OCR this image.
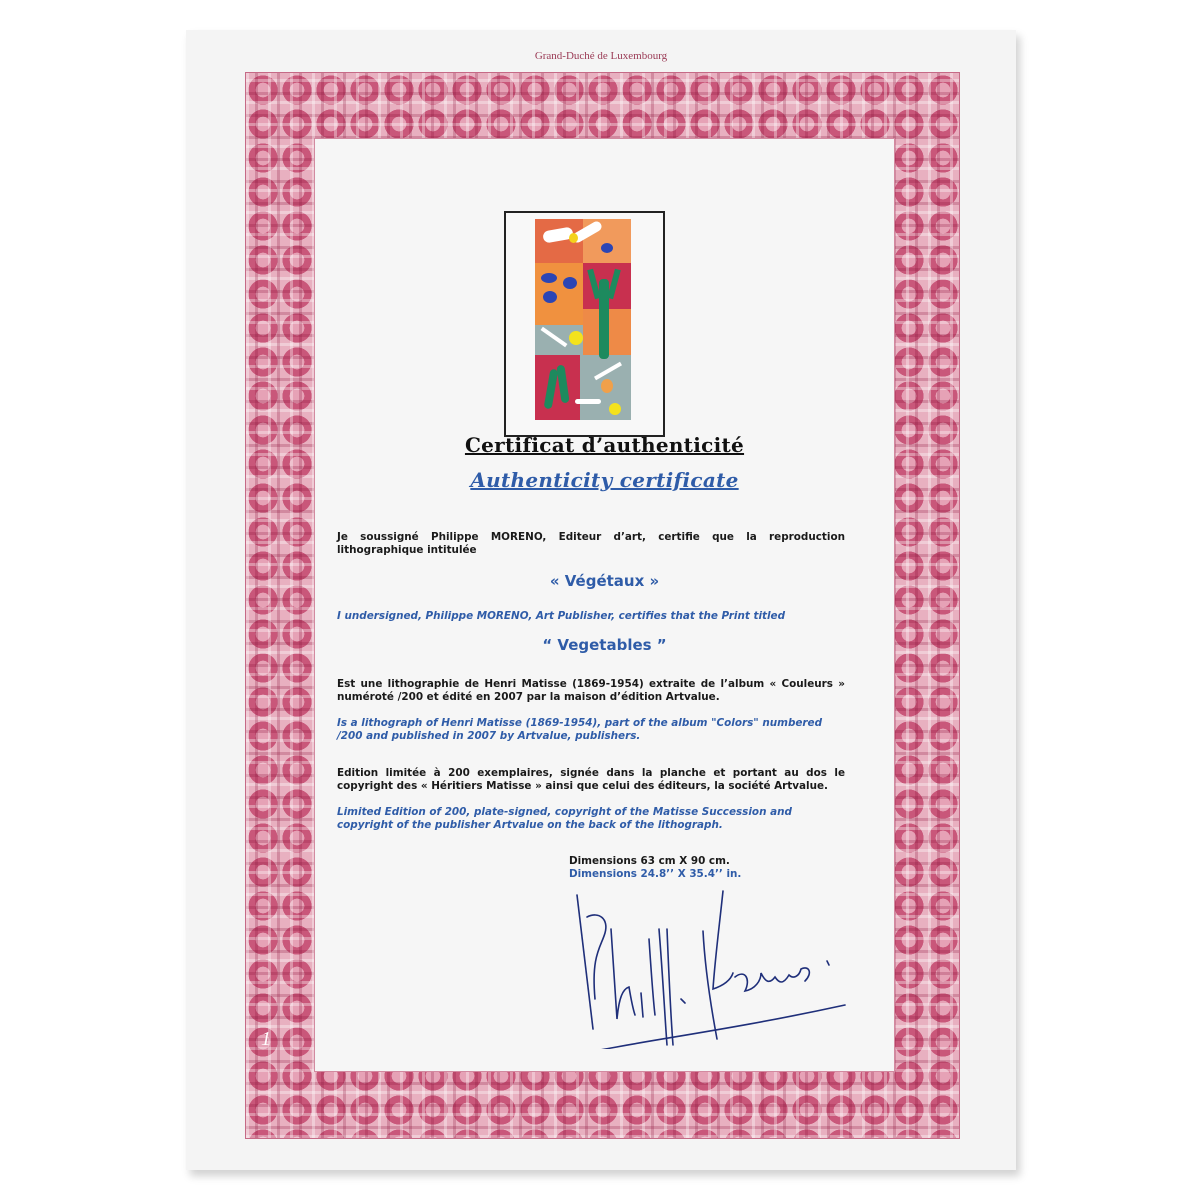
Grand-Duché de Luxembourg
1
Certificat d’authenticité
Authenticity certificate
Je soussigné Philippe MORENO, Editeur d’art, certifie que la reproduction lithographique intitulée
« Végétaux »
I undersigned, Philippe MORENO, Art Publisher, certifies that the Print titled
“ Vegetables ”
Est une lithographie de Henri Matisse (1869-1954) extraite de l’album « Couleurs » numéroté /200 et édité en 2007 par la maison d’édition Artvalue.
Is a lithograph of Henri Matisse (1869-1954), part of the album "Colors" numbered /200 and published in 2007 by Artvalue, publishers.
Edition limitée à 200 exemplaires, signée dans la planche et portant au dos le copyright des « Héritiers Matisse » ainsi que celui des éditeurs, la société Artvalue.
Limited Edition of 200, plate-signed, copyright of the Matisse Succession and copyright of the publisher Artvalue on the back of the lithograph.
Dimensions 63 cm X 90 cm.
Dimensions 24.8’’ X 35.4’’ in.
